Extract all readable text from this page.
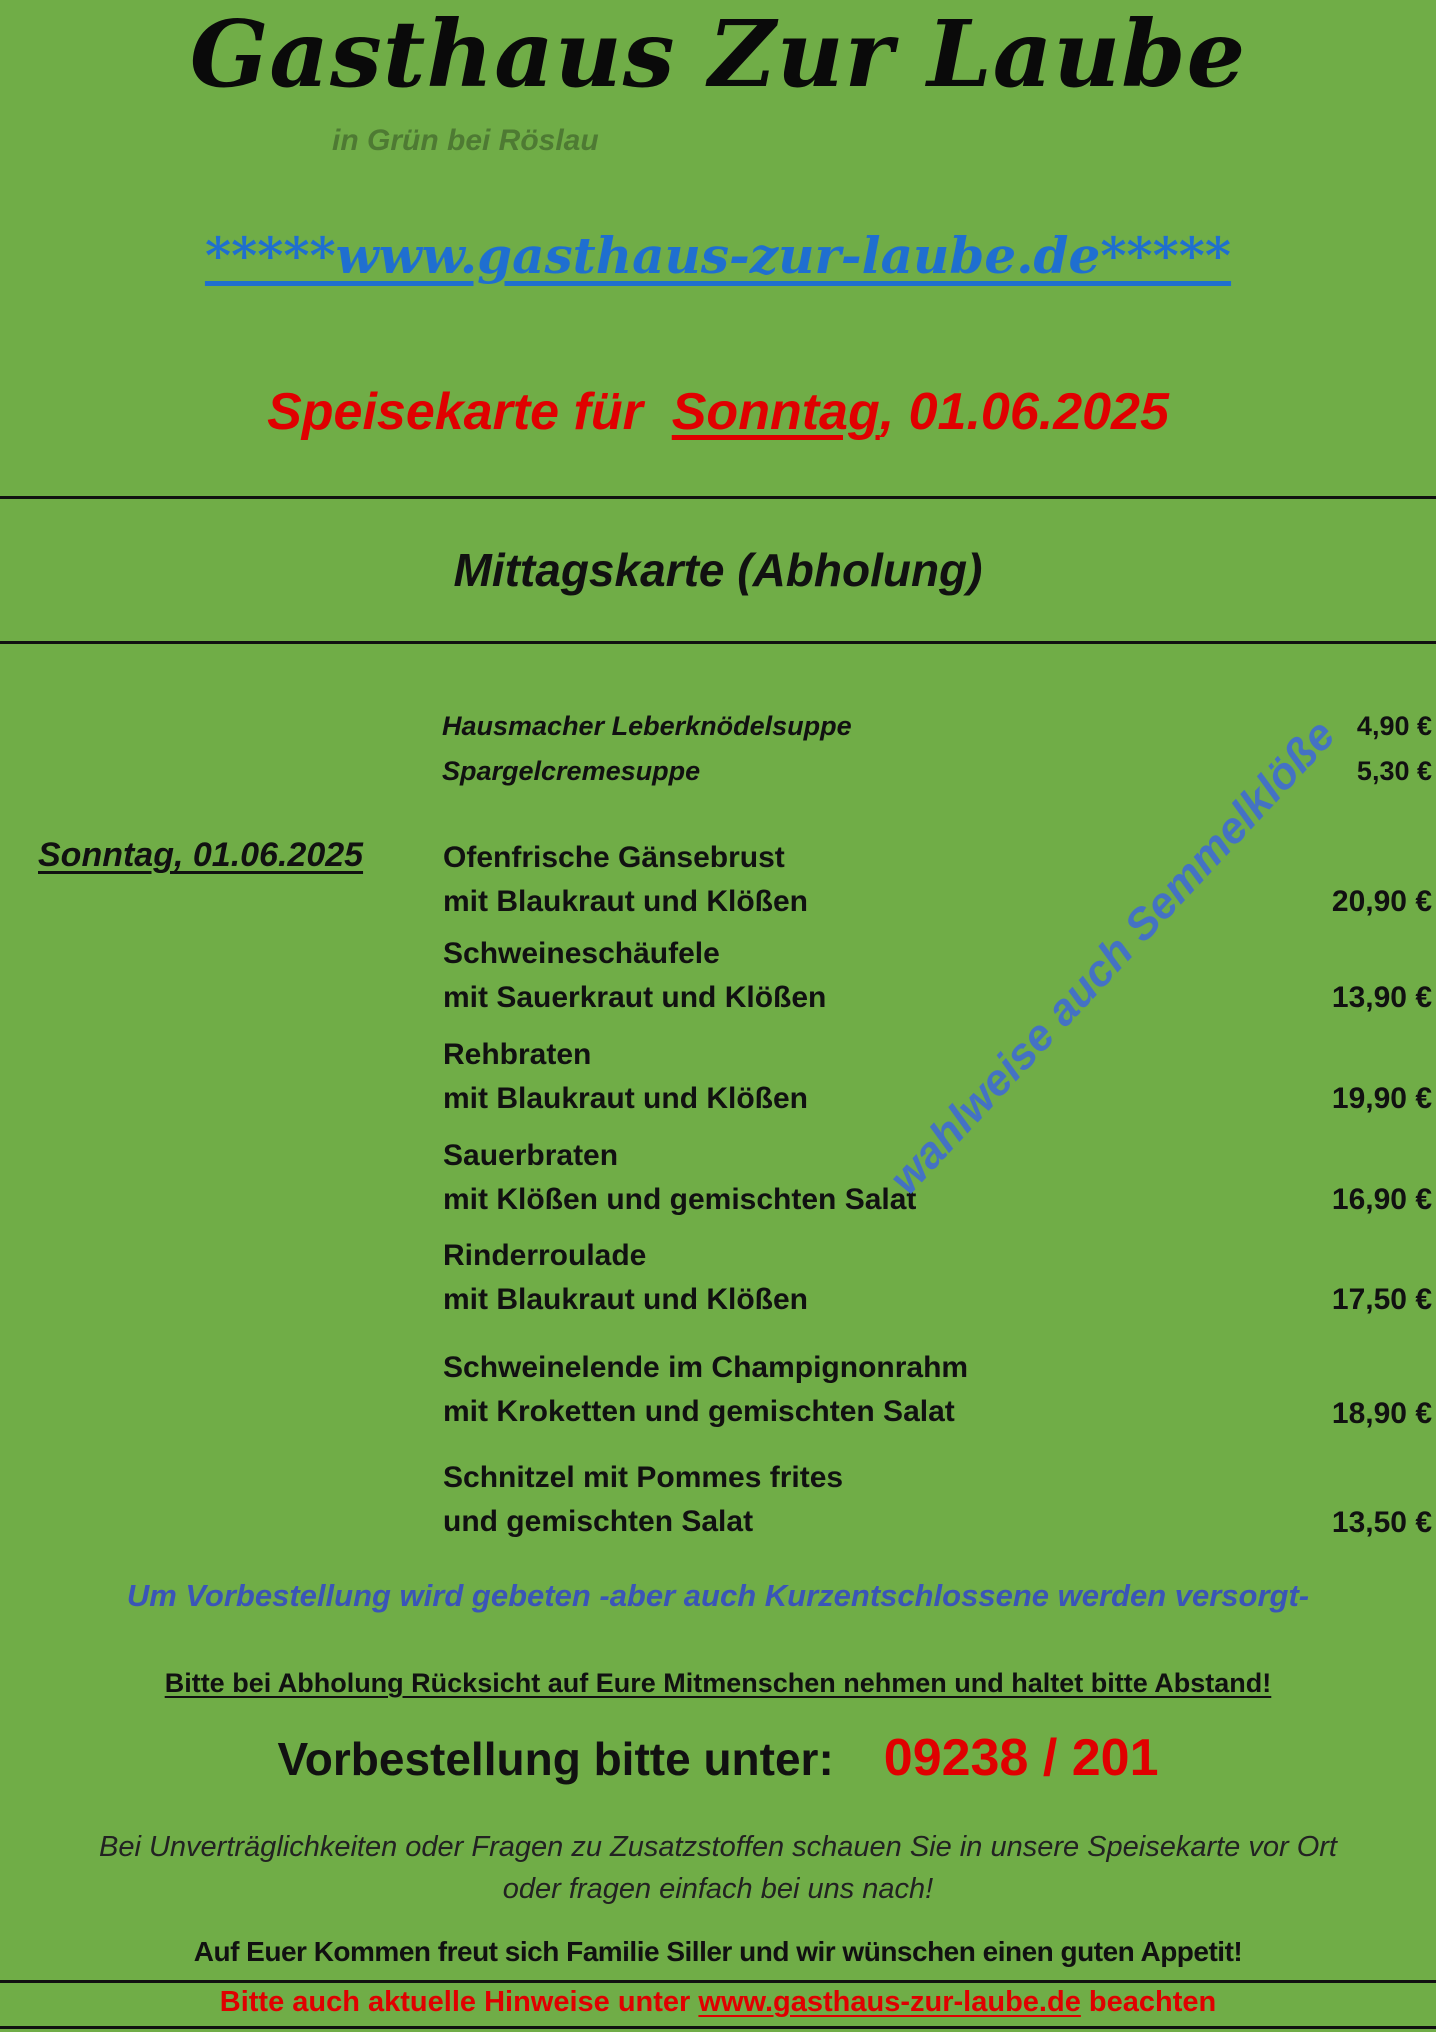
Gasthaus Zur Laube
in Grün bei Röslau
*****www.gasthaus-zur-laube.de*****
Speisekarte für Sonntag, 01.06.2025
Mittagskarte (Abholung)
Sonntag, 01.06.2025
Hausmacher Leberknödelsuppe	4,90 €
Spargelcremesuppe	5,30 €
Ofenfrische Gänsebrust
mit Blaukraut und Klößen	20,90 €
Schweineschäufele
mit Sauerkraut und Klößen	13,90 €
Rehbraten
mit Blaukraut und Klößen	19,90 €
Sauerbraten
mit Klößen und gemischten Salat	16,90 €
Rinderroulade
mit Blaukraut und Klößen	17,50 €
Schweinelende im Champignonrahm
mit Kroketten und gemischten Salat	18,90 €
Schnitzel mit Pommes frites
und gemischten Salat	13,50 €
wahlweise auch Semmelklöße
Um Vorbestellung wird gebeten -aber auch Kurzentschlossene werden versorgt-
Bitte bei Abholung Rücksicht auf Eure Mitmenschen nehmen und haltet bitte Abstand!
Vorbestellung bitte unter: 09238 / 201
Bei Unverträglichkeiten oder Fragen zu Zusatzstoffen schauen Sie in unsere Speisekarte vor Ort
oder fragen einfach bei uns nach!
Auf Euer Kommen freut sich Familie Siller und wir wünschen einen guten Appetit!
Bitte auch aktuelle Hinweise unter www.gasthaus-zur-laube.de beachten
